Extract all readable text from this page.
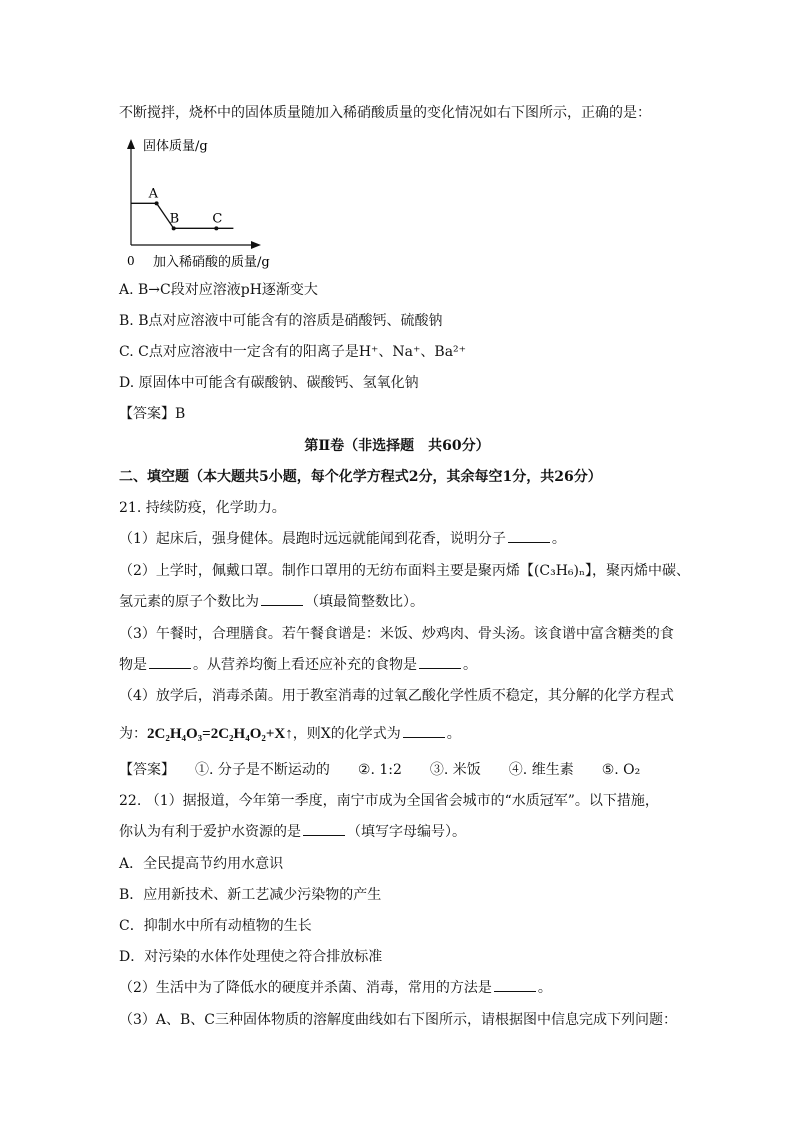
不断搅拌，烧杯中的固体质量随加入稀硝酸质量的变化情况如右下图所示，正确的是：
固体质量/g
0 加入稀硝酸的质量/g
A
B	C
A. B→C段对应溶液pH逐渐变大
B. B点对应溶液中可能含有的溶质是硝酸钙、硫酸钠
C. C点对应溶液中一定含有的阳离子是H⁺、Na⁺、Ba²⁺
D. 原固体中可能含有碳酸钠、碳酸钙、氢氧化钠
【答案】B
第Ⅱ卷（非选择题　共60分）
二、填空题（本大题共5小题，每个化学方程式2分，其余每空1分，共26分）
21. 持续防疫，化学助力。
（1）起床后，强身健体。晨跑时远远就能闻到花香，说明分子	。
（2）上学时，佩戴口罩。制作口罩用的无纺布面料主要是聚丙烯【(C₃H₆)ₙ】，聚丙烯中碳、
氢元素的原子个数比为	（填最简整数比）。
（3）午餐时，合理膳食。若午餐食谱是：米饭、炒鸡肉、骨头汤。该食谱中富含糖类的食
物是	。从营养均衡上看还应补充的食物是	。
（4）放学后，消毒杀菌。用于教室消毒的过氧乙酸化学性质不稳定，其分解的化学方程式
为：2C₂H₄O₃=2C₂H₄O₂+X↑，则X的化学式为	。
【答案】 ①. 分子是不断运动的 ②. 1:2 ③. 米饭 ④. 维生素 ⑤. O₂
22. （1）据报道，今年第一季度，南宁市成为全国省会城市的“水质冠军”。以下措施，
你认为有利于爱护水资源的是	（填写字母编号）。
A．全民提高节约用水意识
B．应用新技术、新工艺减少污染物的产生
C．抑制水中所有动植物的生长
D．对污染的水体作处理使之符合排放标准
（2）生活中为了降低水的硬度并杀菌、消毒，常用的方法是	。
（3）A、B、C三种固体物质的溶解度曲线如右下图所示，请根据图中信息完成下列问题：
